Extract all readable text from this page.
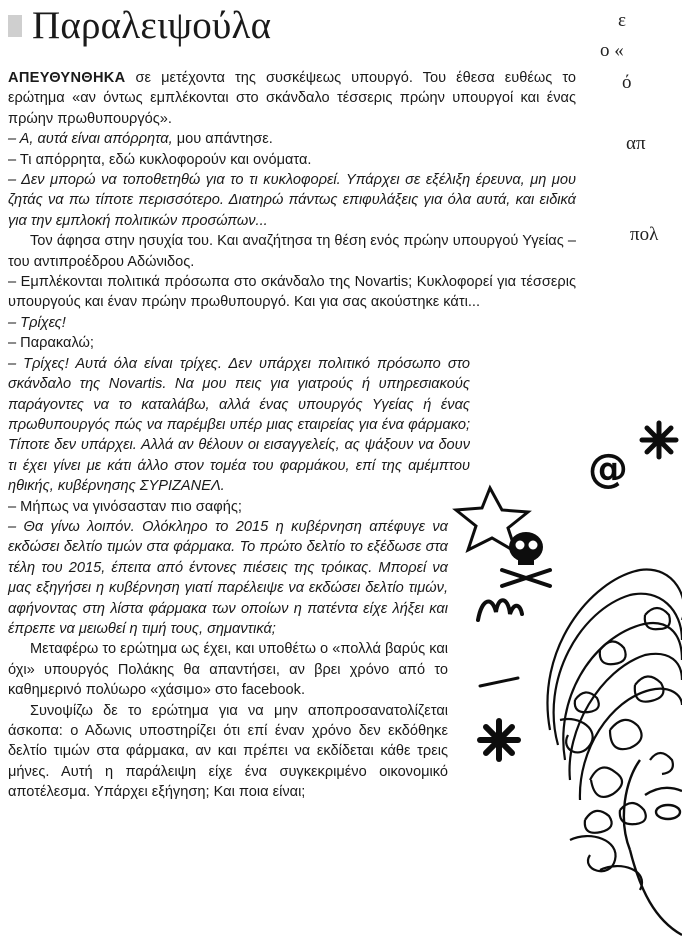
Παραλειψούλα	ε
ο «
ό
απ
πολ

ΑΠΕΥΘΥΝΘΗΚΑ σε μετέχοντα της συσκέψεως υπουργό. Του έθεσα ευθέως το ερώτημα «αν όντως εμπλέκονται στο σκάνδαλο τέσσερις πρώην υπουργοί και ένας πρώην πρωθυπουργός».

– Α, αυτά είναι απόρρητα, μου απάντησε.

– Τι απόρρητα, εδώ κυκλοφορούν και ονόματα.

– Δεν μπορώ να τοποθετηθώ για το τι κυκλοφορεί. Υπάρχει σε εξέλιξη έρευνα, μη μου ζητάς να πω τίποτε περισσότερο. Διατηρώ πάντως επιφυλάξεις για όλα αυτά, και ειδικά για την εμπλοκή πολιτικών προσώπων...

Τον άφησα στην ησυχία του. Και αναζήτησα τη θέση ενός πρώην υπουργού Υγείας – του αντιπροέδρου Αδώνιδος.

– Εμπλέκονται πολιτικά πρόσωπα στο σκάνδαλο της Novartis; Κυκλοφορεί για τέσσερις υπουργούς και έναν πρώην πρωθυπουργό. Και για σας ακούστηκε κάτι...

– Τρίχες!

– Παρακαλώ;

– Τρίχες! Αυτά όλα είναι τρίχες. Δεν υπάρχει πολιτικό πρόσωπο στο σκάνδαλο της Novartis. Να μου πεις για γιατρούς ή υπηρεσιακούς παράγοντες να το καταλάβω, αλλά ένας υπουργός Υγείας ή ένας πρωθυπουργός πώς να παρέμβει υπέρ μιας εταιρείας για ένα φάρμακο; Τίποτε δεν υπάρχει. Αλλά αν θέλουν οι εισαγγελείς, ας ψάξουν να δουν τι έχει γίνει με κάτι άλλο στον τομέα του φαρμάκου, επί της αμέμπτου ηθικής, κυβέρνησης ΣΥΡΙΖΑΝΕΛ.

– Μήπως να γινόσασταν πιο σαφής;

– Θα γίνω λοιπόν. Ολόκληρο το 2015 η κυβέρνηση απέφυγε να εκδώσει δελτίο τιμών στα φάρμακα. Το πρώτο δελτίο το εξέδωσε στα τέλη του 2015, έπειτα από έντονες πιέσεις της τρόικας. Μπορεί να μας εξηγήσει η κυβέρνηση γιατί παρέλειψε να εκδώσει δελτίο τιμών, αφήνοντας στη λίστα φάρμακα των οποίων η πατέντα είχε λήξει και έπρεπε να μειωθεί η τιμή τους, σημαντικά;

Μεταφέρω το ερώτημα ως έχει, και υποθέτω ο «πολλά βαρύς και όχι» υπουργός Πολάκης θα απαντήσει, αν βρει χρόνο από το καθημερινό πολύωρο «χάσιμο» στο facebook.

Συνοψίζω δε το ερώτημα για να μην αποπροσανατολίζεται άσκοπα: ο Αδωνις υποστηρίζει ότι επί έναν χρόνο δεν εκδόθηκε δελτίο τιμών στα φάρμακα, αν και πρέπει να εκδίδεται κάθε τρεις μήνες. Αυτή η παράλειψη είχε ένα συγκεκριμένο οικονομικό αποτέλεσμα. Υπάρχει εξήγηση; Και ποια είναι;

@
